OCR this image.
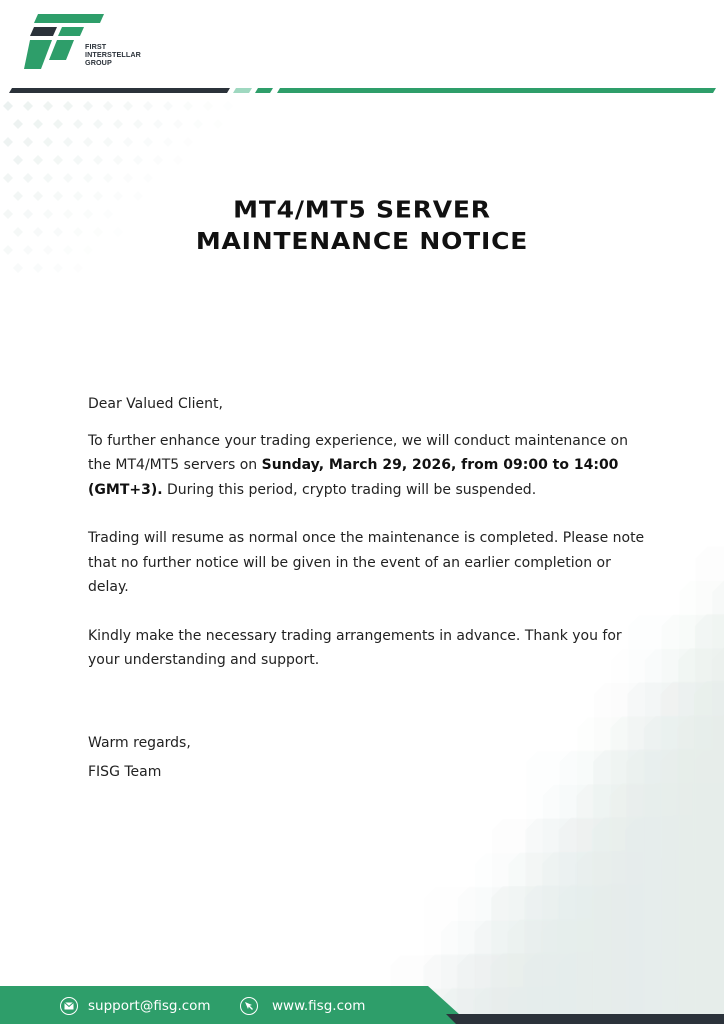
FIRST
INTERSTELLAR
GROUP
MT4/MT5 SERVER
MAINTENANCE NOTICE

Dear Valued Client,

To further enhance your trading experience, we will conduct maintenance on the MT4/MT5 servers on Sunday, March 29, 2026, from 09:00 to 14:00 (GMT+3). During this period, crypto trading will be suspended.

Trading will resume as normal once the maintenance is completed. Please note that no further notice will be given in the event of an earlier completion or delay.

Kindly make the necessary trading arrangements in advance. Thank you for your understanding and support.

Warm regards,

FISG Team

support@fisg.com	www.fisg.com
